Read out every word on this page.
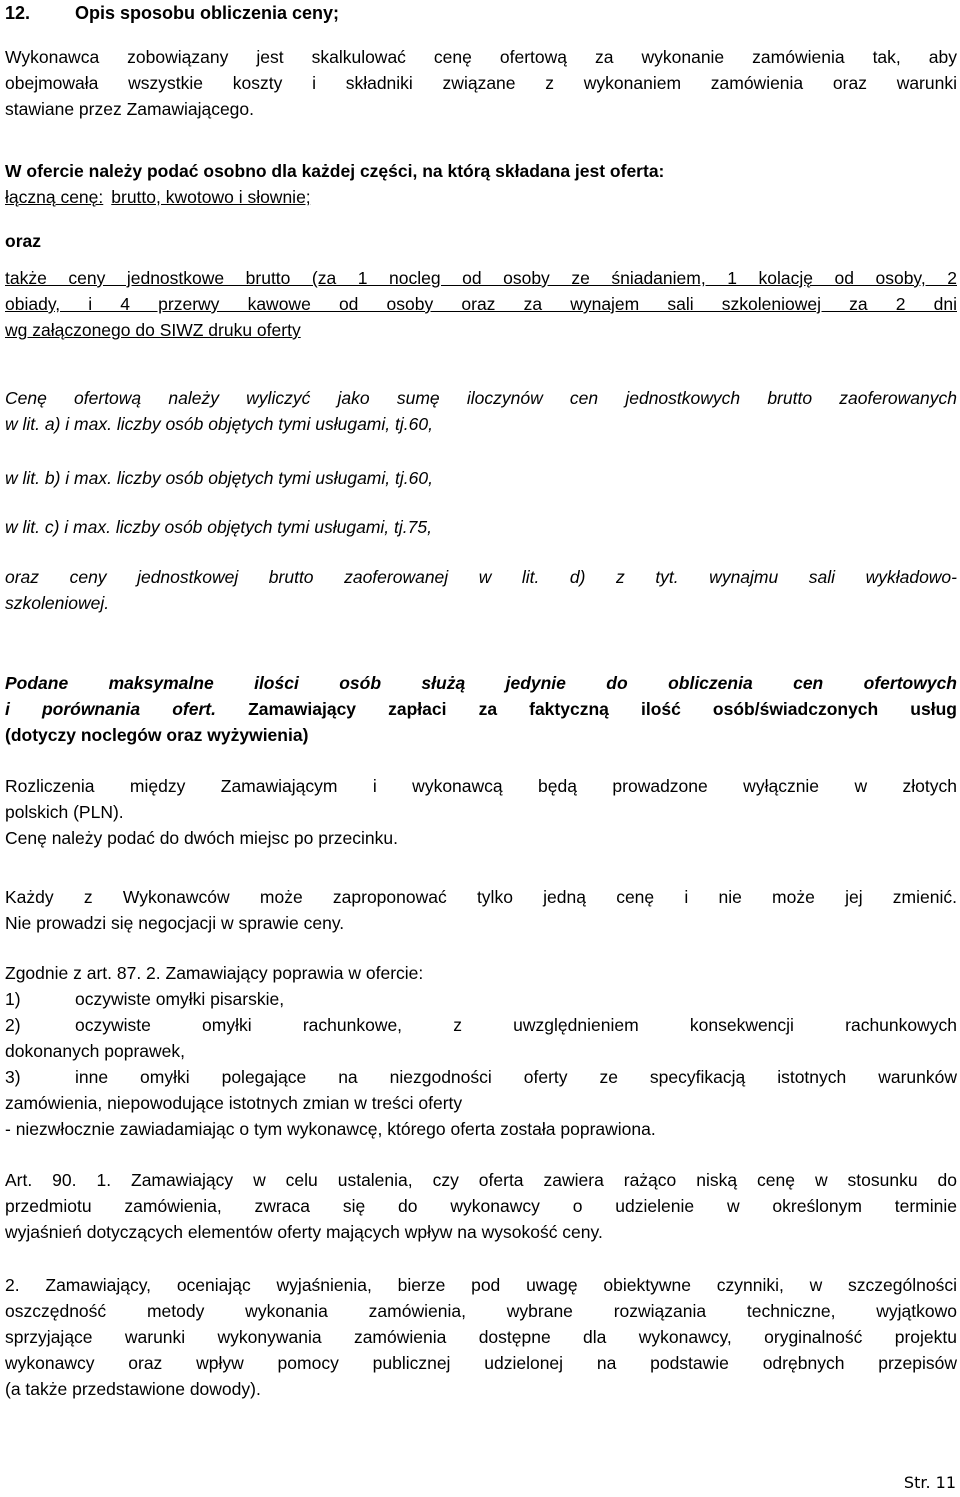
12. Opis sposobu obliczenia ceny;
Wykonawca zobowiązany jest skalkulować cenę ofertową za wykonanie zamówienia tak, aby
obejmowała wszystkie koszty i składniki związane z wykonaniem zamówienia oraz warunki
stawiane przez Zamawiającego.
W ofercie należy podać osobno dla każdej części, na którą składana jest oferta:
łączną cenę: brutto, kwotowo i słownie;
oraz
także ceny jednostkowe brutto (za 1 nocleg od osoby ze śniadaniem, 1 kolację od osoby, 2
obiady, i 4 przerwy kawowe od osoby oraz za wynajem sali szkoleniowej za 2 dni
wg załączonego do SIWZ druku oferty
Cenę ofertową należy wyliczyć jako sumę iloczynów cen jednostkowych brutto zaoferowanych
w lit. a) i max. liczby osób objętych tymi usługami, tj.60,
w lit. b) i max. liczby osób objętych tymi usługami, tj.60,
w lit. c) i max. liczby osób objętych tymi usługami, tj.75,
oraz ceny jednostkowej brutto zaoferowanej w lit. d) z tyt. wynajmu sali wykładowo-
szkoleniowej.
Podane maksymalne ilości osób służą jedynie do obliczenia cen ofertowych
i porównania ofert. Zamawiający zapłaci za faktyczną ilość osób/świadczonych usług
(dotyczy noclegów oraz wyżywienia)
Rozliczenia między Zamawiającym i wykonawcą będą prowadzone wyłącznie w złotych
polskich (PLN).
Cenę należy podać do dwóch miejsc po przecinku.
Każdy z Wykonawców może zaproponować tylko jedną cenę i nie może jej zmienić.
Nie prowadzi się negocjacji w sprawie ceny.
Zgodnie z art. 87. 2. Zamawiający poprawia w ofercie:
1)	oczywiste omyłki pisarskie,
2)	oczywiste omyłki rachunkowe, z uwzględnieniem konsekwencji rachunkowych
dokonanych poprawek,
3)	inne omyłki polegające na niezgodności oferty ze specyfikacją istotnych warunków
zamówienia, niepowodujące istotnych zmian w treści oferty
- niezwłocznie zawiadamiając o tym wykonawcę, którego oferta została poprawiona.
Art. 90. 1. Zamawiający w celu ustalenia, czy oferta zawiera rażąco niską cenę w stosunku do
przedmiotu zamówienia, zwraca się do wykonawcy o udzielenie w określonym terminie
wyjaśnień dotyczących elementów oferty mających wpływ na wysokość ceny.
2. Zamawiający, oceniając wyjaśnienia, bierze pod uwagę obiektywne czynniki, w szczególności
oszczędność metody wykonania zamówienia, wybrane rozwiązania techniczne, wyjątkowo
sprzyjające warunki wykonywania zamówienia dostępne dla wykonawcy, oryginalność projektu
wykonawcy oraz wpływ pomocy publicznej udzielonej na podstawie odrębnych przepisów
(a także przedstawione dowody).
Str. 11
